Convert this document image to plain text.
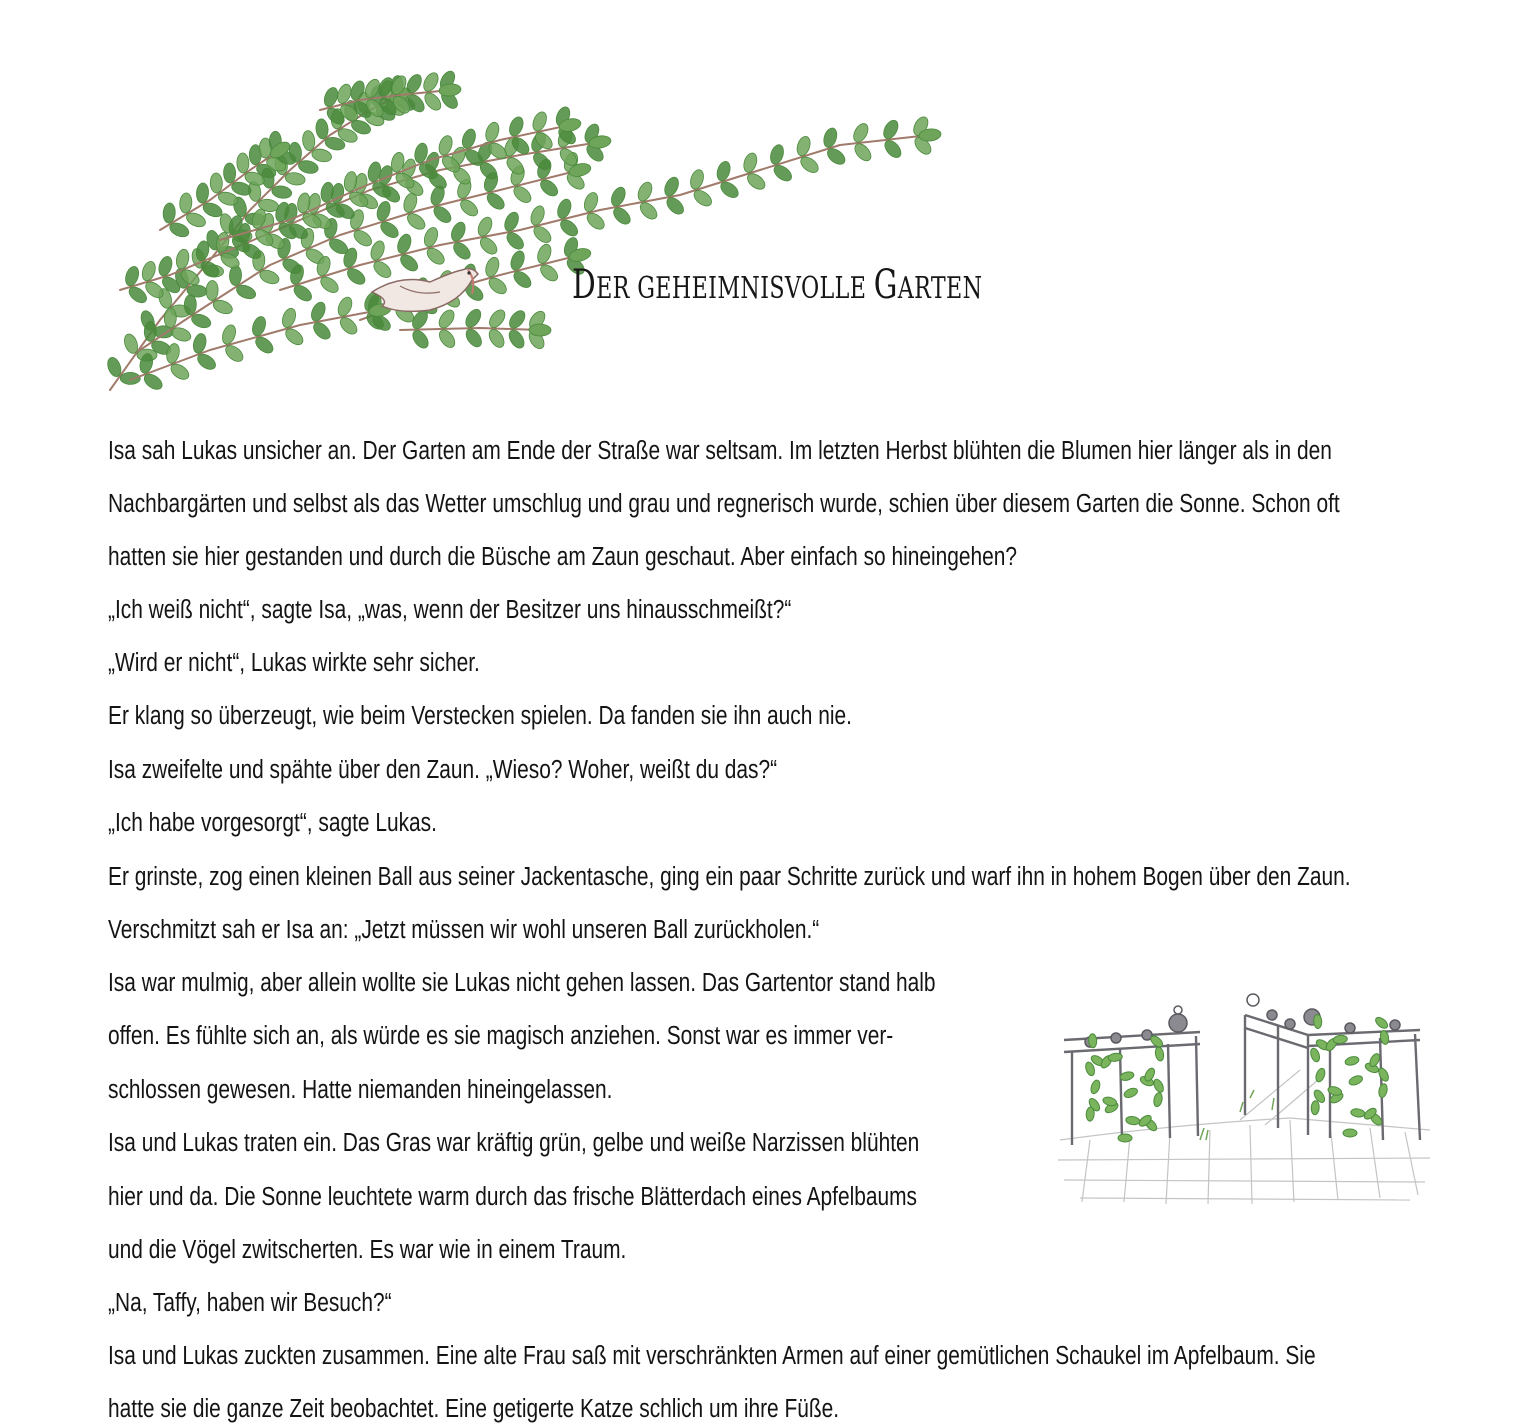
DER GEHEIMNISVOLLE GARTEN
Isa sah Lukas unsicher an. Der Garten am Ende der Straße war seltsam. Im letzten Herbst blühten die Blumen hier länger als in den
Nachbargärten und selbst als das Wetter umschlug und grau und regnerisch wurde, schien über diesem Garten die Sonne. Schon oft
hatten sie hier gestanden und durch die Büsche am Zaun geschaut. Aber einfach so hineingehen?
„Ich weiß nicht“, sagte Isa, „was, wenn der Besitzer uns hinausschmeißt?“
„Wird er nicht“, Lukas wirkte sehr sicher.
Er klang so überzeugt, wie beim Verstecken spielen. Da fanden sie ihn auch nie.
Isa zweifelte und spähte über den Zaun. „Wieso? Woher, weißt du das?“
„Ich habe vorgesorgt“, sagte Lukas.
Er grinste, zog einen kleinen Ball aus seiner Jackentasche, ging ein paar Schritte zurück und warf ihn in hohem Bogen über den Zaun.
Verschmitzt sah er Isa an: „Jetzt müssen wir wohl unseren Ball zurückholen.“
Isa war mulmig, aber allein wollte sie Lukas nicht gehen lassen. Das Gartentor stand halb
offen. Es fühlte sich an, als würde es sie magisch anziehen. Sonst war es immer ver-
schlossen gewesen. Hatte niemanden hineingelassen.
Isa und Lukas traten ein. Das Gras war kräftig grün, gelbe und weiße Narzissen blühten
hier und da. Die Sonne leuchtete warm durch das frische Blätterdach eines Apfelbaums
und die Vögel zwitscherten. Es war wie in einem Traum.
„Na, Taffy, haben wir Besuch?“
Isa und Lukas zuckten zusammen. Eine alte Frau saß mit verschränkten Armen auf einer gemütlichen Schaukel im Apfelbaum. Sie
hatte sie die ganze Zeit beobachtet. Eine getigerte Katze schlich um ihre Füße.
